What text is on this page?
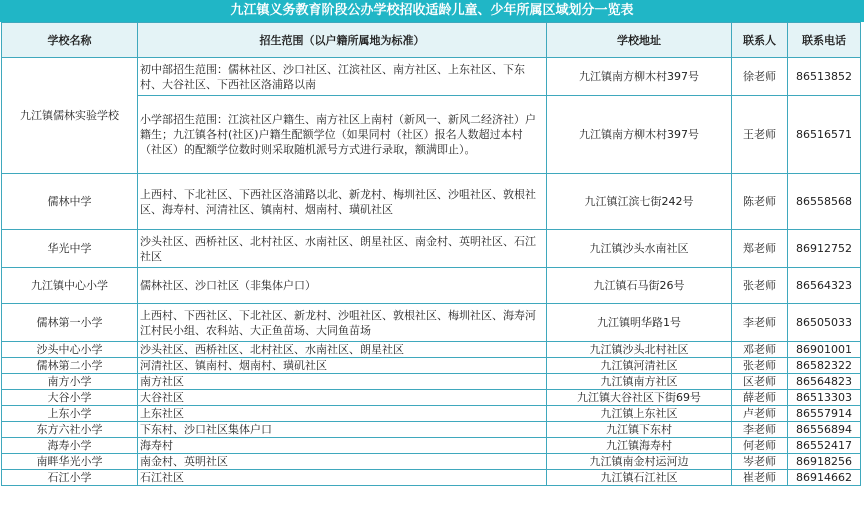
九江镇义务教育阶段公办学校招收适龄儿童、少年所属区域划分一览表
学校名称	招生范围（以户籍所属地为标准）	学校地址	联系人	联系电话
九江镇儒林实验学校	初中部招生范围：儒林社区、沙口社区、江滨社区、南方社区、上东社区、下东村、大谷社区、下西社区洛浦路以南	九江镇南方柳木村397号	徐老师	86513852
	小学部招生范围：江滨社区户籍生、南方社区上南村（新风一、新风二经济社）户籍生；九江镇各村(社区)户籍生配额学位（如果同村（社区）报名人数超过本村（社区）的配额学位数时则采取随机派号方式进行录取，额满即止）。	九江镇南方柳木村397号	王老师	86516571
儒林中学	上西村、下北社区、下西社区洛浦路以北、新龙村、梅圳社区、沙咀社区、敦根社区、海寿村、河清社区、镇南村、烟南村、璜矶社区	九江镇江滨七街242号	陈老师	86558568
华光中学	沙头社区、西桥社区、北村社区、水南社区、朗星社区、南金村、英明社区、石江社区	九江镇沙头水南社区	郑老师	86912752
九江镇中心小学	儒林社区、沙口社区（非集体户口）	九江镇石马街26号	张老师	86564323
儒林第一小学	上西村、下西社区、下北社区、新龙村、沙咀社区、敦根社区、梅圳社区、海寿河江村民小组、农科站、大正鱼苗场、大同鱼苗场	九江镇明华路1号	李老师	86505033
沙头中心小学	沙头社区、西桥社区、北村社区、水南社区、朗星社区	九江镇沙头北村社区	邓老师	86901001
儒林第二小学	河清社区、镇南村、烟南村、璜矶社区	九江镇河清社区	张老师	86582322
南方小学	南方社区	九江镇南方社区	区老师	86564823
大谷小学	大谷社区	九江镇大谷社区下街69号	薛老师	86513303
上东小学	上东社区	九江镇上东社区	卢老师	86557914
东方六社小学	下东村、沙口社区集体户口	九江镇下东村	李老师	86556894
海寿小学	海寿村	九江镇海寿村	何老师	86552417
南畔华光小学	南金村、英明社区	九江镇南金村运河边	岑老师	86918256
石江小学	石江社区	九江镇石江社区	崔老师	86914662
